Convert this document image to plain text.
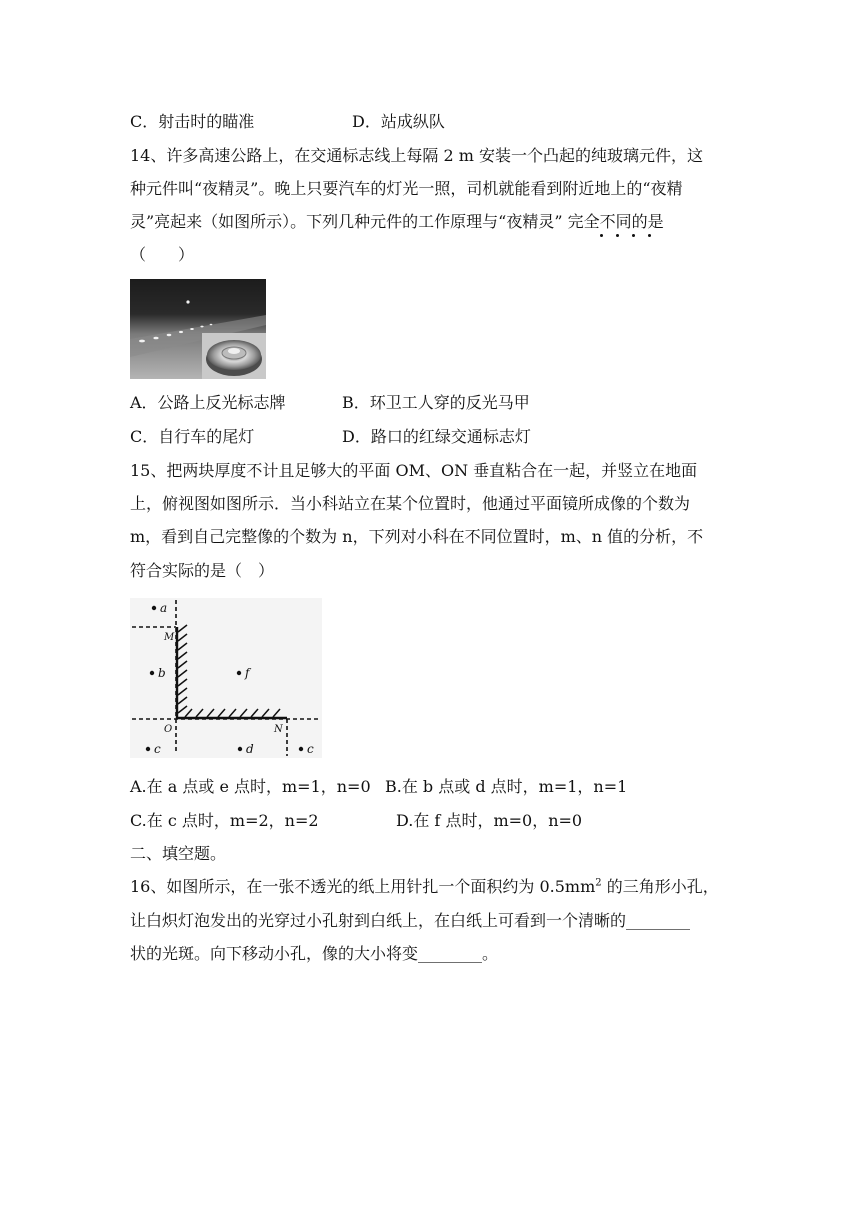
C．射击时的瞄准	D．站成纵队
14、许多高速公路上，在交通标志线上每隔 2 m 安装一个凸起的纯玻璃元件，这
种元件叫“夜精灵”。晚上只要汽车的灯光一照，司机就能看到附近地上的“夜精
灵”亮起来（如图所示）。下列几种元件的工作原理与“夜精灵” 完全不同的是
（　　）
A．公路上反光标志牌	B．环卫工人穿的反光马甲
C．自行车的尾灯	D．路口的红绿交通标志灯
15、把两块厚度不计且足够大的平面 OM、ON 垂直粘合在一起，并竖立在地面
上，俯视图如图所示．当小科站立在某个位置时，他通过平面镜所成像的个数为
m，看到自己完整像的个数为 n，下列对小科在不同位置时，m、n 值的分析，不
符合实际的是（　）
a
b	f
c	d	c
M
O	N
A.在 a 点或 e 点时，m=1，n=0 B.在 b 点或 d 点时，m=1，n=1
C.在 c 点时，m=2，n=2	D.在 f 点时，m=0，n=0
二、填空题。
16、如图所示，在一张不透光的纸上用针扎一个面积约为 $0.5mm^2$ 的三角形小孔，
让白炽灯泡发出的光穿过小孔射到白纸上，在白纸上可看到一个清晰的________
状的光斑。向下移动小孔，像的大小将变________。
